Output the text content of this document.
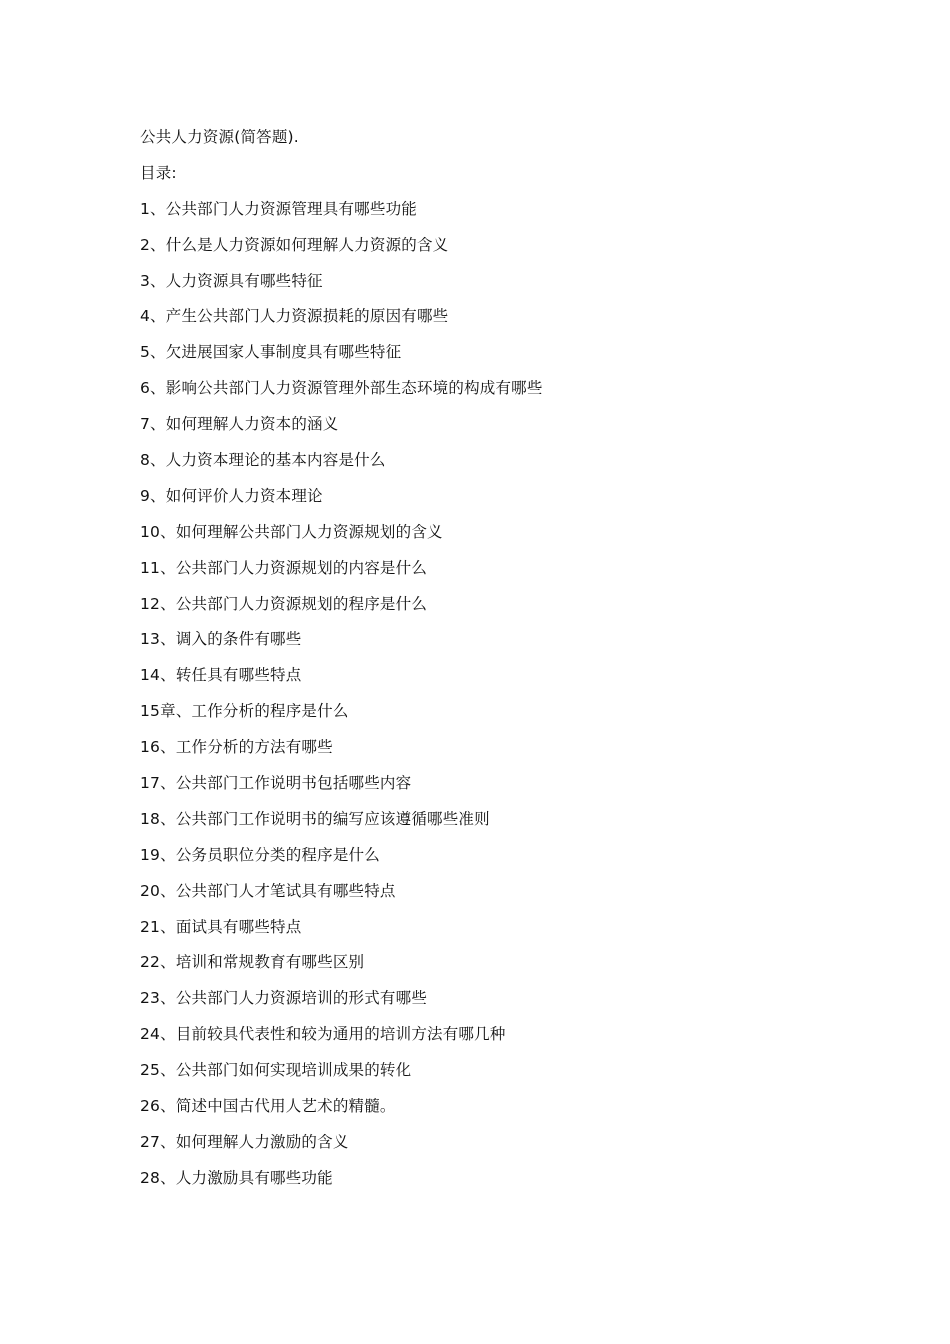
公共人力资源(简答题).
目录:
1、公共部门人力资源管理具有哪些功能
2、什么是人力资源如何理解人力资源的含义
3、人力资源具有哪些特征
4、产生公共部门人力资源损耗的原因有哪些
5、欠进展国家人事制度具有哪些特征
6、影响公共部门人力资源管理外部生态环境的构成有哪些
7、如何理解人力资本的涵义
8、人力资本理论的基本内容是什么
9、如何评价人力资本理论
10、如何理解公共部门人力资源规划的含义
11、公共部门人力资源规划的内容是什么
12、公共部门人力资源规划的程序是什么
13、调入的条件有哪些
14、转任具有哪些特点
15章、工作分析的程序是什么
16、工作分析的方法有哪些
17、公共部门工作说明书包括哪些内容
18、公共部门工作说明书的编写应该遵循哪些准则
19、公务员职位分类的程序是什么
20、公共部门人才笔试具有哪些特点
21、面试具有哪些特点
22、培训和常规教育有哪些区别
23、公共部门人力资源培训的形式有哪些
24、目前较具代表性和较为通用的培训方法有哪几种
25、公共部门如何实现培训成果的转化
26、简述中国古代用人艺术的精髓。
27、如何理解人力激励的含义
28、人力激励具有哪些功能
